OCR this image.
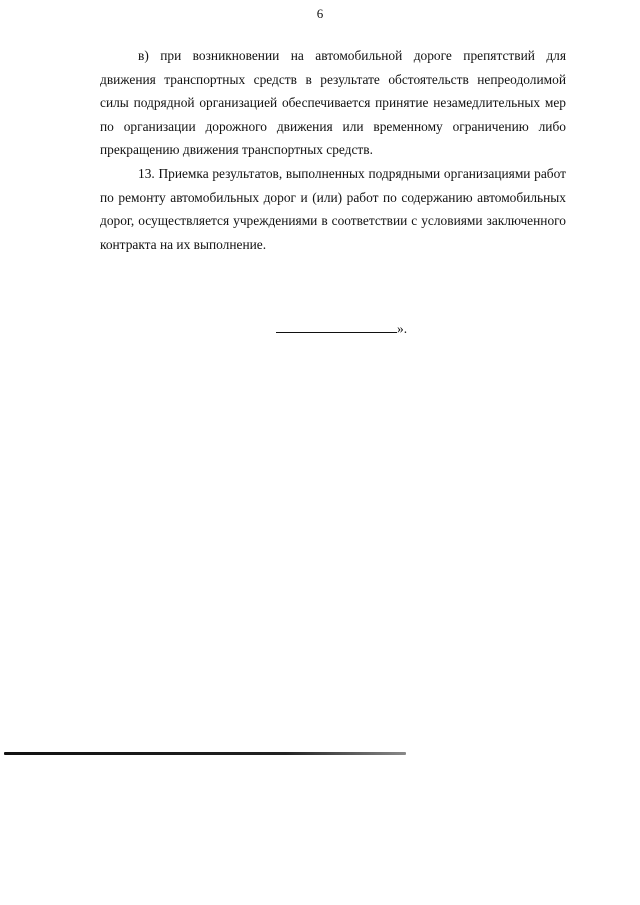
6

в) при возникновении на автомобильной дороге препятствий для движения транспортных средств в результате обстоятельств непреодолимой силы подрядной организацией обеспечивается принятие незамедлительных мер по организации дорожного движения или временному ограничению либо прекращению движения транспортных средств.

13. Приемка результатов, выполненных подрядными организациями работ по ремонту автомобильных дорог и (или) работ по содержанию автомобильных дорог, осуществляется учреждениями в соответствии с условиями заключенного контракта на их выполнение.

».
